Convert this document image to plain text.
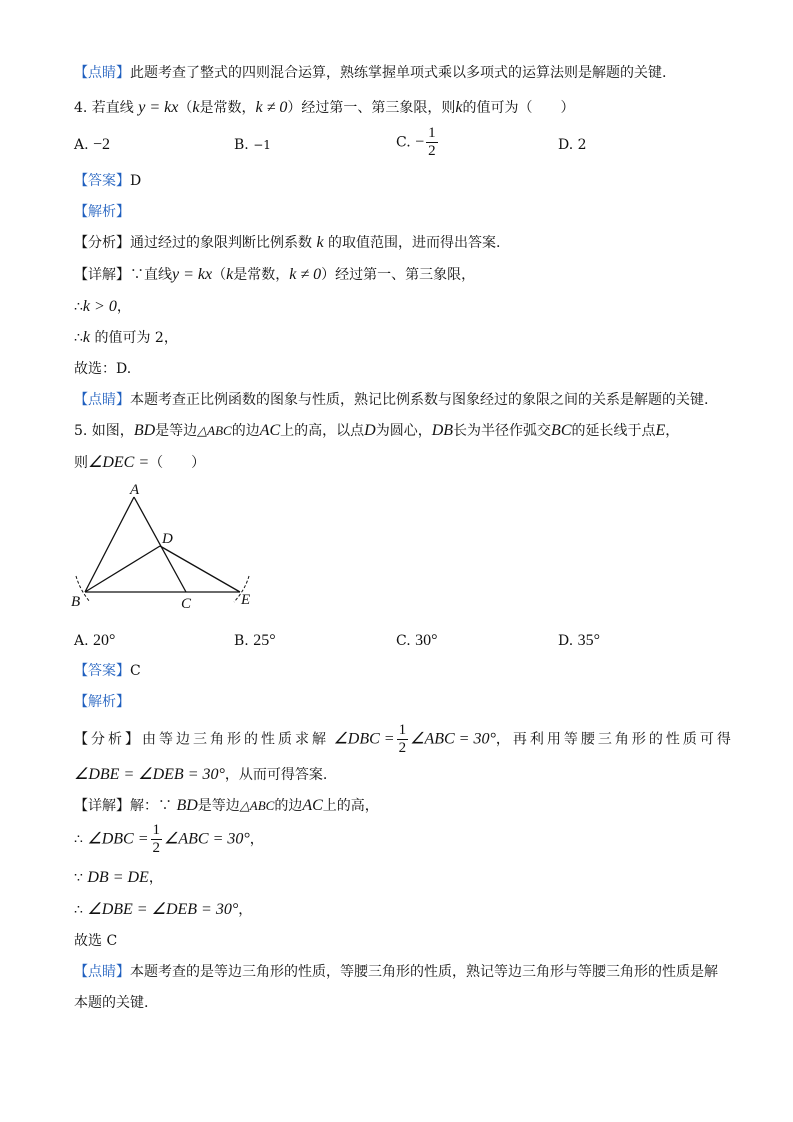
【点睛】此题考查了整式的四则混合运算，熟练掌握单项式乘以多项式的运算法则是解题的关键.
4. 若直线 y = kx（k是常数，k ≠ 0）经过第一、第三象限，则k的值可为（　　）
A. −2	B. −1	C. − $\frac{1}{2}$	D. 2
【答案】D
【解析】
【分析】通过经过的象限判断比例系数 k 的取值范围，进而得出答案.
【详解】∵直线y = kx（k是常数，k ≠ 0）经过第一、第三象限，
∴k > 0，
∴k 的值可为 2，
故选：D.
【点睛】本题考查正比例函数的图象与性质，熟记比例系数与图象经过的象限之间的关系是解题的关键.
5. 如图，BD是等边△ABC的边AC上的高，以点D为圆心，DB长为半径作弧交BC的延长线于点E，
则∠DEC =（　　）
A
B	C
D
E
A. 20°	B. 25°	C. 30°	D. 35°
【答案】C
【解析】
【分析】由等边三角形的性质求解 ∠DBC = $\frac{1}{2}$ ∠ABC = 30°，再利用等腰三角形的性质可得
∠DBE = ∠DEB = 30°，从而可得答案.
【详解】解：∵ BD是等边△ABC的边AC上的高，
∴ ∠DBC = $\frac{1}{2}$ ∠ABC = 30°，
∵ DB = DE，
∴ ∠DBE = ∠DEB = 30°，
故选 C
【点睛】本题考查的是等边三角形的性质，等腰三角形的性质，熟记等边三角形与等腰三角形的性质是解
本题的关键.
